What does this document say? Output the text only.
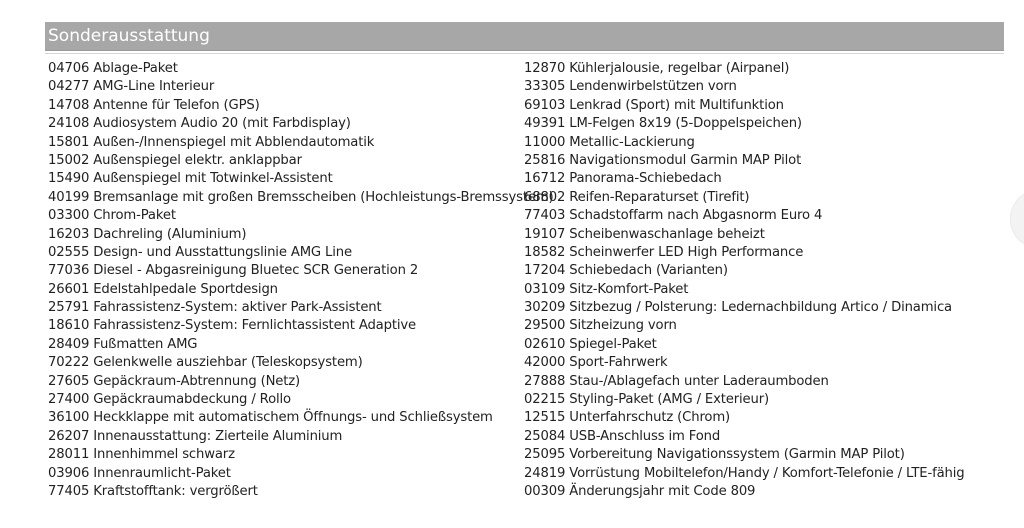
Sonderausstattung
04706 Ablage-Paket
04277 AMG-Line Interieur
14708 Antenne für Telefon (GPS)
24108 Audiosystem Audio 20 (mit Farbdisplay)
15801 Außen-/Innenspiegel mit Abblendautomatik
15002 Außenspiegel elektr. anklappbar
15490 Außenspiegel mit Totwinkel-Assistent
40199 Bremsanlage mit großen Bremsscheiben (Hochleistungs-Bremssystem)
03300 Chrom-Paket
16203 Dachreling (Aluminium)
02555 Design- und Ausstattungslinie AMG Line
77036 Diesel - Abgasreinigung Bluetec SCR Generation 2
26601 Edelstahlpedale Sportdesign
25791 Fahrassistenz-System: aktiver Park-Assistent
18610 Fahrassistenz-System: Fernlichtassistent Adaptive
28409 Fußmatten AMG
70222 Gelenkwelle ausziehbar (Teleskopsystem)
27605 Gepäckraum-Abtrennung (Netz)
27400 Gepäckraumabdeckung / Rollo
36100 Heckklappe mit automatischem Öffnungs- und Schließsystem
26207 Innenausstattung: Zierteile Aluminium
28011 Innenhimmel schwarz
03906 Innenraumlicht-Paket
77405 Kraftstofftank: vergrößert
12870 Kühlerjalousie, regelbar (Airpanel)
33305 Lendenwirbelstützen vorn
69103 Lenkrad (Sport) mit Multifunktion
49391 LM-Felgen 8x19 (5-Doppelspeichen)
11000 Metallic-Lackierung
25816 Navigationsmodul Garmin MAP Pilot
16712 Panorama-Schiebedach
68802 Reifen-Reparaturset (Tirefit)
77403 Schadstoffarm nach Abgasnorm Euro 4
19107 Scheibenwaschanlage beheizt
18582 Scheinwerfer LED High Performance
17204 Schiebedach (Varianten)
03109 Sitz-Komfort-Paket
30209 Sitzbezug / Polsterung: Ledernachbildung Artico / Dinamica
29500 Sitzheizung vorn
02610 Spiegel-Paket
42000 Sport-Fahrwerk
27888 Stau-/Ablagefach unter Laderaumboden
02215 Styling-Paket (AMG / Exterieur)
12515 Unterfahrschutz (Chrom)
25084 USB-Anschluss im Fond
25095 Vorbereitung Navigationssystem (Garmin MAP Pilot)
24819 Vorrüstung Mobiltelefon/Handy / Komfort-Telefonie / LTE-fähig
00309 Änderungsjahr mit Code 809
